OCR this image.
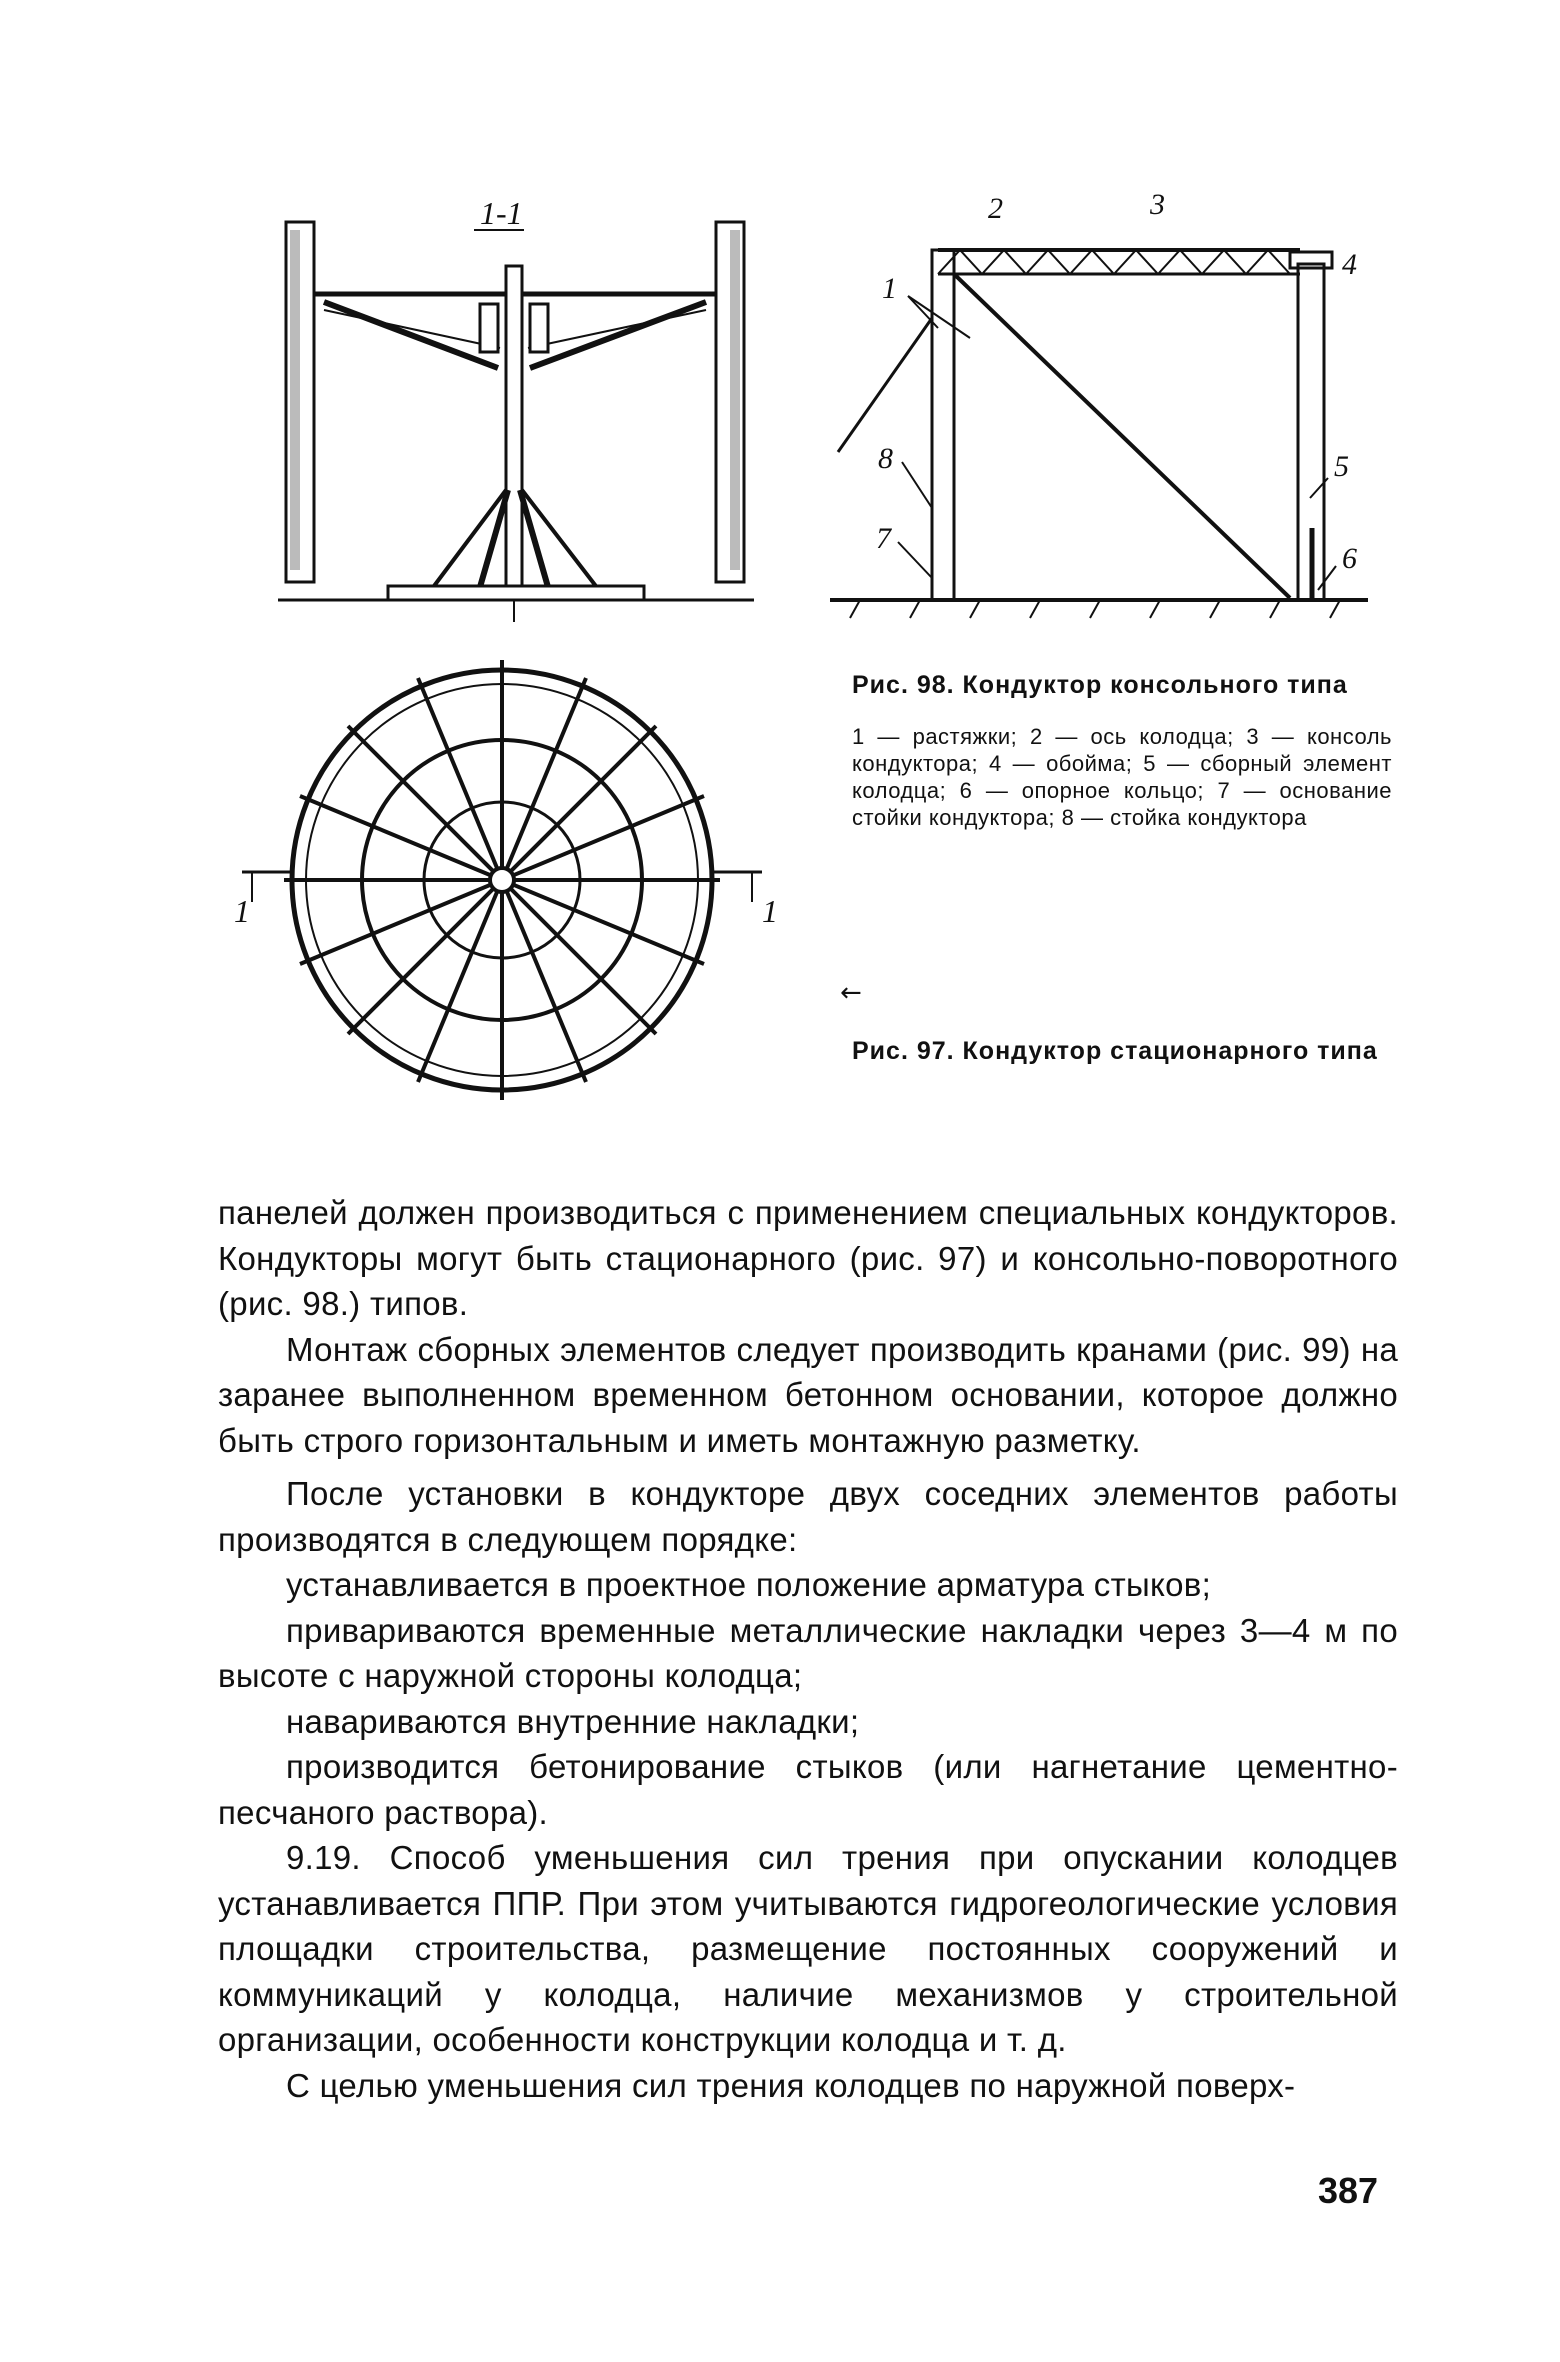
1-1
1	1
2	3
1
4
8	5
7
6
Рис. 98. Кондуктор консольного типа
1 — растяжки; 2 — ось колодца; 3 — консоль кондуктора; 4 — обойма; 5 — сборный элемент колодца; 6 — опорное кольцо; 7 — основание стойки кондуктора; 8 — стойка кондуктора
←
Рис. 97. Кондуктор стационарного типа

панелей должен производиться с применением специальных кондукторов. Кондукторы могут быть стационарного (рис. 97) и консольно-поворотного (рис. 98.) типов.

Монтаж сборных элементов следует производить кранами (рис. 99) на заранее выполненном временном бетонном основании, которое должно быть строго горизонтальным и иметь монтажную разметку.

После установки в кондукторе двух соседних элементов работы производятся в следующем порядке:

устанавливается в проектное положение арматура стыков;

привариваются временные металлические накладки через 3—4 м по высоте с наружной стороны колодца;

навариваются внутренние накладки;

производится бетонирование стыков (или нагнетание цементно-песчаного раствора).

9.19. Способ уменьшения сил трения при опускании колодцев устанавливается ППР. При этом учитываются гидрогеологические условия площадки строительства, размещение постоянных сооружений и коммуникаций у колодца, наличие механизмов у строительной организации, особенности конструкции колодца и т. д.

С целью уменьшения сил трения колодцев по наружной поверх-

387
